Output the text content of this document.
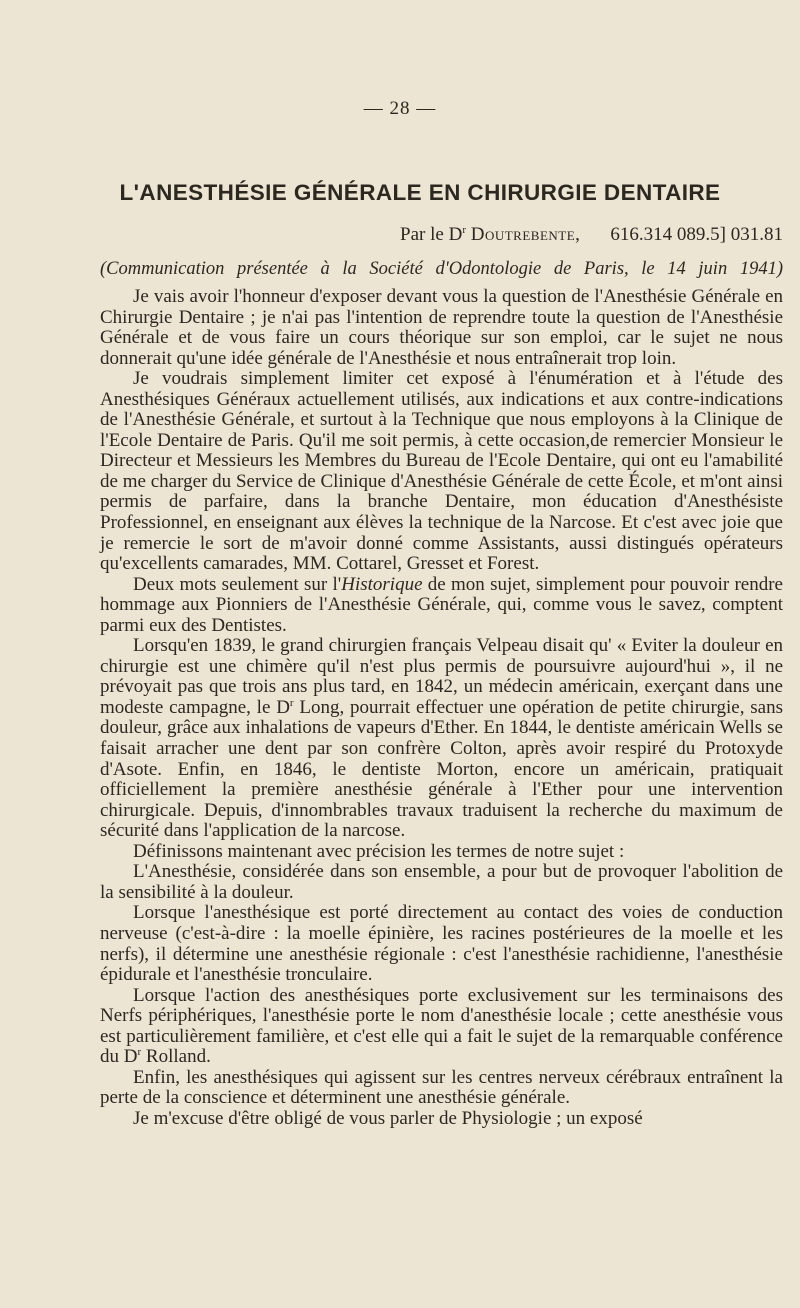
— 28 —
L'ANESTHÉSIE GÉNÉRALE EN CHIRURGIE DENTAIRE
Par le $D^r$ Doutrebente, 616.314 089.5] 031.81
(Communication présentée à la Société d'Odontologie de Paris, le 14 juin 1941)

Je vais avoir l'honneur d'exposer devant vous la question de l'Anesthésie Générale en Chirurgie Dentaire ; je n'ai pas l'intention de reprendre toute la question de l'Anesthésie Générale et de vous faire un cours théorique sur son emploi, car le sujet ne nous donnerait qu'une idée générale de l'Anesthésie et nous entraînerait trop loin.

Je voudrais simplement limiter cet exposé à l'énumération et à l'étude des Anesthésiques Généraux actuellement utilisés, aux indications et aux contre-indications de l'Anesthésie Générale, et surtout à la Technique que nous employons à la Clinique de l'Ecole Dentaire de Paris. Qu'il me soit permis, à cette occasion,de remercier Monsieur le Directeur et Messieurs les Membres du Bureau de l'Ecole Dentaire, qui ont eu l'amabilité de me charger du Service de Clinique d'Anesthésie Générale de cette École, et m'ont ainsi permis de parfaire, dans la branche Dentaire, mon éducation d'Anesthésiste Professionnel, en enseignant aux élèves la technique de la Narcose. Et c'est avec joie que je remercie le sort de m'avoir donné comme Assistants, aussi distingués opérateurs qu'excellents camarades, MM. Cottarel, Gresset et Forest.

Deux mots seulement sur l'Historique de mon sujet, simplement pour pouvoir rendre hommage aux Pionniers de l'Anesthésie Générale, qui, comme vous le savez, comptent parmi eux des Dentistes.

Lorsqu'en 1839, le grand chirurgien français Velpeau disait qu' « Eviter la douleur en chirurgie est une chimère qu'il n'est plus permis de poursuivre aujourd'hui », il ne prévoyait pas que trois ans plus tard, en 1842, un médecin américain, exerçant dans une modeste campagne, le $D^r$ Long, pourrait effectuer une opération de petite chirurgie, sans douleur, grâce aux inhalations de vapeurs d'Ether. En 1844, le dentiste américain Wells se faisait arracher une dent par son confrère Colton, après avoir respiré du Protoxyde d'Asote. Enfin, en 1846, le dentiste Morton, encore un américain, pratiquait officiellement la première anesthésie générale à l'Ether pour une intervention chirurgicale. Depuis, d'innombrables travaux traduisent la recherche du maximum de sécurité dans l'application de la narcose.

Définissons maintenant avec précision les termes de notre sujet :

L'Anesthésie, considérée dans son ensemble, a pour but de provoquer l'abolition de la sensibilité à la douleur.

Lorsque l'anesthésique est porté directement au contact des voies de conduction nerveuse (c'est-à-dire : la moelle épinière, les racines postérieures de la moelle et les nerfs), il détermine une anesthésie régionale : c'est l'anesthésie rachidienne, l'anesthésie épidurale et l'anesthésie tronculaire.

Lorsque l'action des anesthésiques porte exclusivement sur les terminaisons des Nerfs périphériques, l'anesthésie porte le nom d'anesthésie locale ; cette anesthésie vous est particulièrement familière, et c'est elle qui a fait le sujet de la remarquable conférence du $D^r$ Rolland.

Enfin, les anesthésiques qui agissent sur les centres nerveux cérébraux entraînent la perte de la conscience et déterminent une anesthésie générale.

Je m'excuse d'être obligé de vous parler de Physiologie ; un exposé
